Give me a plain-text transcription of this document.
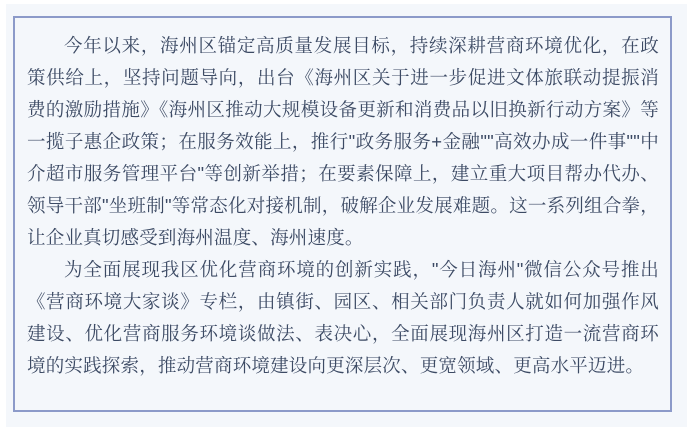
今年以来，海州区锚定高质量发展目标，持续深耕营商环境优化，在政策供给上，坚持问题导向，出台《海州区关于进一步促进文体旅联动提振消费的激励措施》《海州区推动大规模设备更新和消费品以旧换新行动方案》等一揽子惠企政策；在服务效能上，推行"政务服务+金融""高效办成一件事""中介超市服务管理平台"等创新举措；在要素保障上，建立重大项目帮办代办、领导干部"坐班制"等常态化对接机制，破解企业发展难题。这一系列组合拳，让企业真切感受到海州温度、海州速度。

为全面展现我区优化营商环境的创新实践，"今日海州"微信公众号推出《营商环境大家谈》专栏，由镇街、园区、相关部门负责人就如何加强作风建设、优化营商服务环境谈做法、表决心，全面展现海州区打造一流营商环境的实践探索，推动营商环境建设向更深层次、更宽领域、更高水平迈进。
